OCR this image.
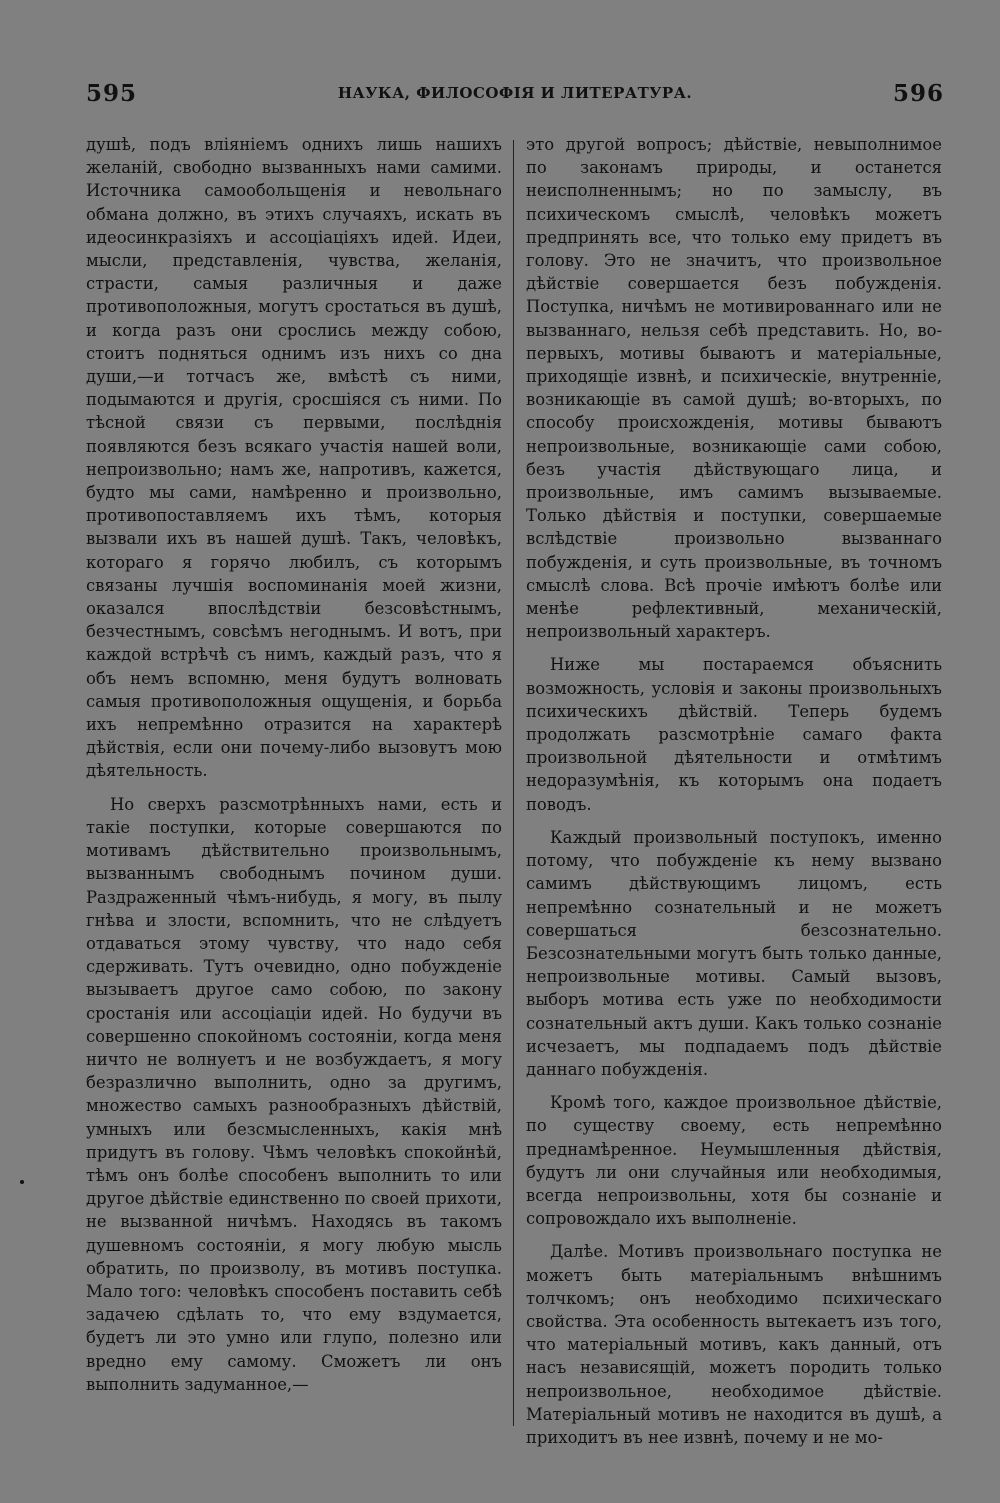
595	НАУКА, ФИЛОСОФІЯ И ЛИТЕРАТУРА.	596

душѣ, подъ вліяніемъ однихъ лишь нашихъ желаній, свободно вызванныхъ нами самими. Источника самообольщенія и невольнаго обмана должно, въ этихъ случаяхъ, искать въ идеосинкразіяхъ и ассоціаціяхъ идей. Идеи, мысли, представленія, чувства, желанія, страсти, самыя различныя и даже противоположныя, могутъ сростаться въ душѣ, и когда разъ они срослись между собою, стоитъ подняться однимъ изъ нихъ со дна души,—и тотчасъ же, вмѣстѣ съ ними, подымаются и другія, сросшіяся съ ними. По тѣсной связи съ первыми, послѣднія появляются безъ всякаго участія нашей воли, непроизвольно; намъ же, напротивъ, кажется, будто мы сами, намѣренно и произвольно, противопоставляемъ ихъ тѣмъ, которыя вызвали ихъ въ нашей душѣ. Такъ, человѣкъ, котораго я горячо любилъ, съ которымъ связаны лучшія воспоминанія моей жизни, оказался впослѣдствіи безсовѣстнымъ, безчестнымъ, совсѣмъ негоднымъ. И вотъ, при каждой встрѣчѣ съ нимъ, каждый разъ, что я объ немъ вспомню, меня будутъ волновать самыя противоположныя ощущенія, и борьба ихъ непремѣнно отразится на характерѣ дѣйствія, если они почему-либо вызовутъ мою дѣятельность.

Но сверхъ разсмотрѣнныхъ нами, есть и такіе поступки, которые совершаются по мотивамъ дѣйствительно произвольнымъ, вызваннымъ свободнымъ почином души. Раздраженный чѣмъ-нибудь, я могу, въ пылу гнѣва и злости, вспомнить, что не слѣдуетъ отдаваться этому чувству, что надо себя сдерживать. Тутъ очевидно, одно побужденіе вызываетъ другое само собою, по закону сростанія или ассоціаціи идей. Но будучи въ совершенно спокойномъ состояніи, когда меня ничто не волнуетъ и не возбуждаетъ, я могу безразлично выполнить, одно за другимъ, множество самыхъ разнообразныхъ дѣйствій, умныхъ или безсмысленныхъ, какія мнѣ придутъ въ голову. Чѣмъ человѣкъ спокойнѣй, тѣмъ онъ болѣе способенъ выполнить то или другое дѣйствіе единственно по своей прихоти, не вызванной ничѣмъ. Находясь въ такомъ душевномъ состояніи, я могу любую мысль обратить, по произволу, въ мотивъ поступка. Мало того: человѣкъ способенъ поставить себѣ задачею сдѣлать то, что ему вздумается, будетъ ли это умно или глупо, полезно или вредно ему самому. Сможетъ ли онъ выполнить задуманное,—

это другой вопросъ; дѣйствіе, невыполнимое по законамъ природы, и останется неисполненнымъ; но по замыслу, въ психическомъ смыслѣ, человѣкъ можетъ предпринять все, что только ему придетъ въ голову. Это не значитъ, что произвольное дѣйствіе совершается безъ побужденія. Поступка, ничѣмъ не мотивированнаго или не вызваннаго, нельзя себѣ представить. Но, во-первыхъ, мотивы бываютъ и матеріальные, приходящіе извнѣ, и психическіе, внутренніе, возникающіе въ самой душѣ; во-вторыхъ, по способу происхожденія, мотивы бываютъ непроизвольные, возникающіе сами собою, безъ участія дѣйствующаго лица, и произвольные, имъ самимъ вызываемые. Только дѣйствія и поступки, совершаемые вслѣдствіе произвольно вызваннаго побужденія, и суть произвольные, въ точномъ смыслѣ слова. Всѣ прочіе имѣютъ болѣе или менѣе рефлективный, механическій, непроизвольный характеръ.

Ниже мы постараемся объяснить возможность, условія и законы произвольныхъ психическихъ дѣйствій. Теперь будемъ продолжать разсмотрѣніе самаго факта произвольной дѣятельности и отмѣтимъ недоразумѣнія, къ которымъ она подаетъ поводъ.

Каждый произвольный поступокъ, именно потому, что побужденіе къ нему вызвано самимъ дѣйствующимъ лицомъ, есть непремѣнно сознательный и не можетъ совершаться безсознательно. Безсознательными могутъ быть только данные, непроизвольные мотивы. Самый вызовъ, выборъ мотива есть уже по необходимости сознательный актъ души. Какъ только сознаніе исчезаетъ, мы подпадаемъ подъ дѣйствіе даннаго побужденія.

Кромѣ того, каждое произвольное дѣйствіе, по существу своему, есть непремѣнно преднамѣренное. Неумышленныя дѣйствія, будутъ ли они случайныя или необходимыя, всегда непроизвольны, хотя бы сознаніе и сопровождало ихъ выполненіе.

Далѣе. Мотивъ произвольнаго поступка не можетъ быть матеріальнымъ внѣшнимъ толчкомъ; онъ необходимо психическаго свойства. Эта особенность вытекаетъ изъ того, что матеріальный мотивъ, какъ данный, отъ насъ независящій, можетъ породить только непроизвольное, необходимое дѣйствіе. Матеріальный мотивъ не находится въ душѣ, а приходитъ въ нее извнѣ, почему и не мо-
